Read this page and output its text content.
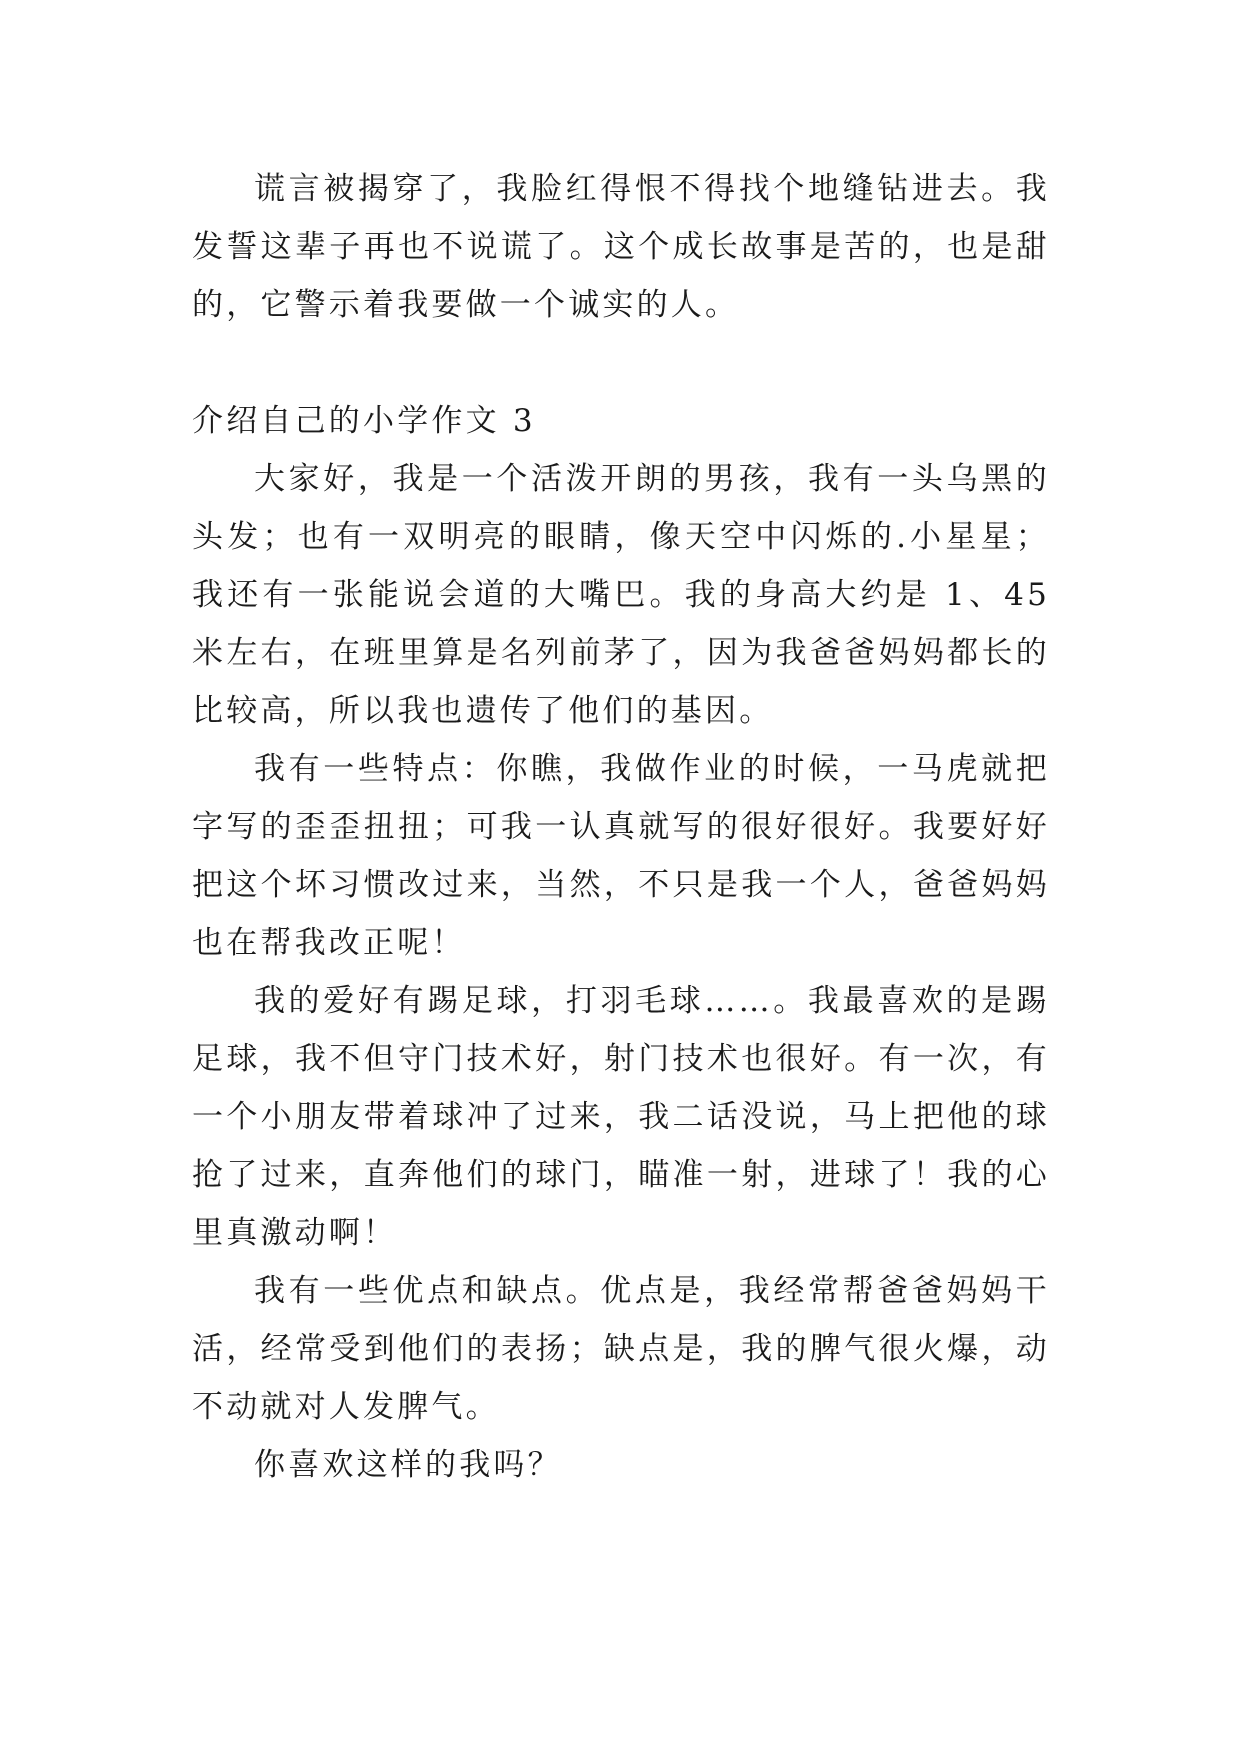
谎言被揭穿了，我脸红得恨不得找个地缝钻进去。我发誓这辈子再也不说谎了。这个成长故事是苦的，也是甜的，它警示着我要做一个诚实的人。

介绍自己的小学作文 3

大家好，我是一个活泼开朗的男孩，我有一头乌黑的头发；也有一双明亮的眼睛，像天空中闪烁的.小星星；我还有一张能说会道的大嘴巴。我的身高大约是 1、45 米左右，在班里算是名列前茅了，因为我爸爸妈妈都长的比较高，所以我也遗传了他们的基因。

我有一些特点：你瞧，我做作业的时候，一马虎就把字写的歪歪扭扭；可我一认真就写的很好很好。我要好好把这个坏习惯改过来，当然，不只是我一个人，爸爸妈妈也在帮我改正呢！

我的爱好有踢足球，打羽毛球……。我最喜欢的是踢足球，我不但守门技术好，射门技术也很好。有一次，有一个小朋友带着球冲了过来，我二话没说，马上把他的球抢了过来，直奔他们的球门，瞄准一射，进球了！我的心里真激动啊！

我有一些优点和缺点。优点是，我经常帮爸爸妈妈干活，经常受到他们的表扬；缺点是，我的脾气很火爆，动不动就对人发脾气。

你喜欢这样的我吗？
